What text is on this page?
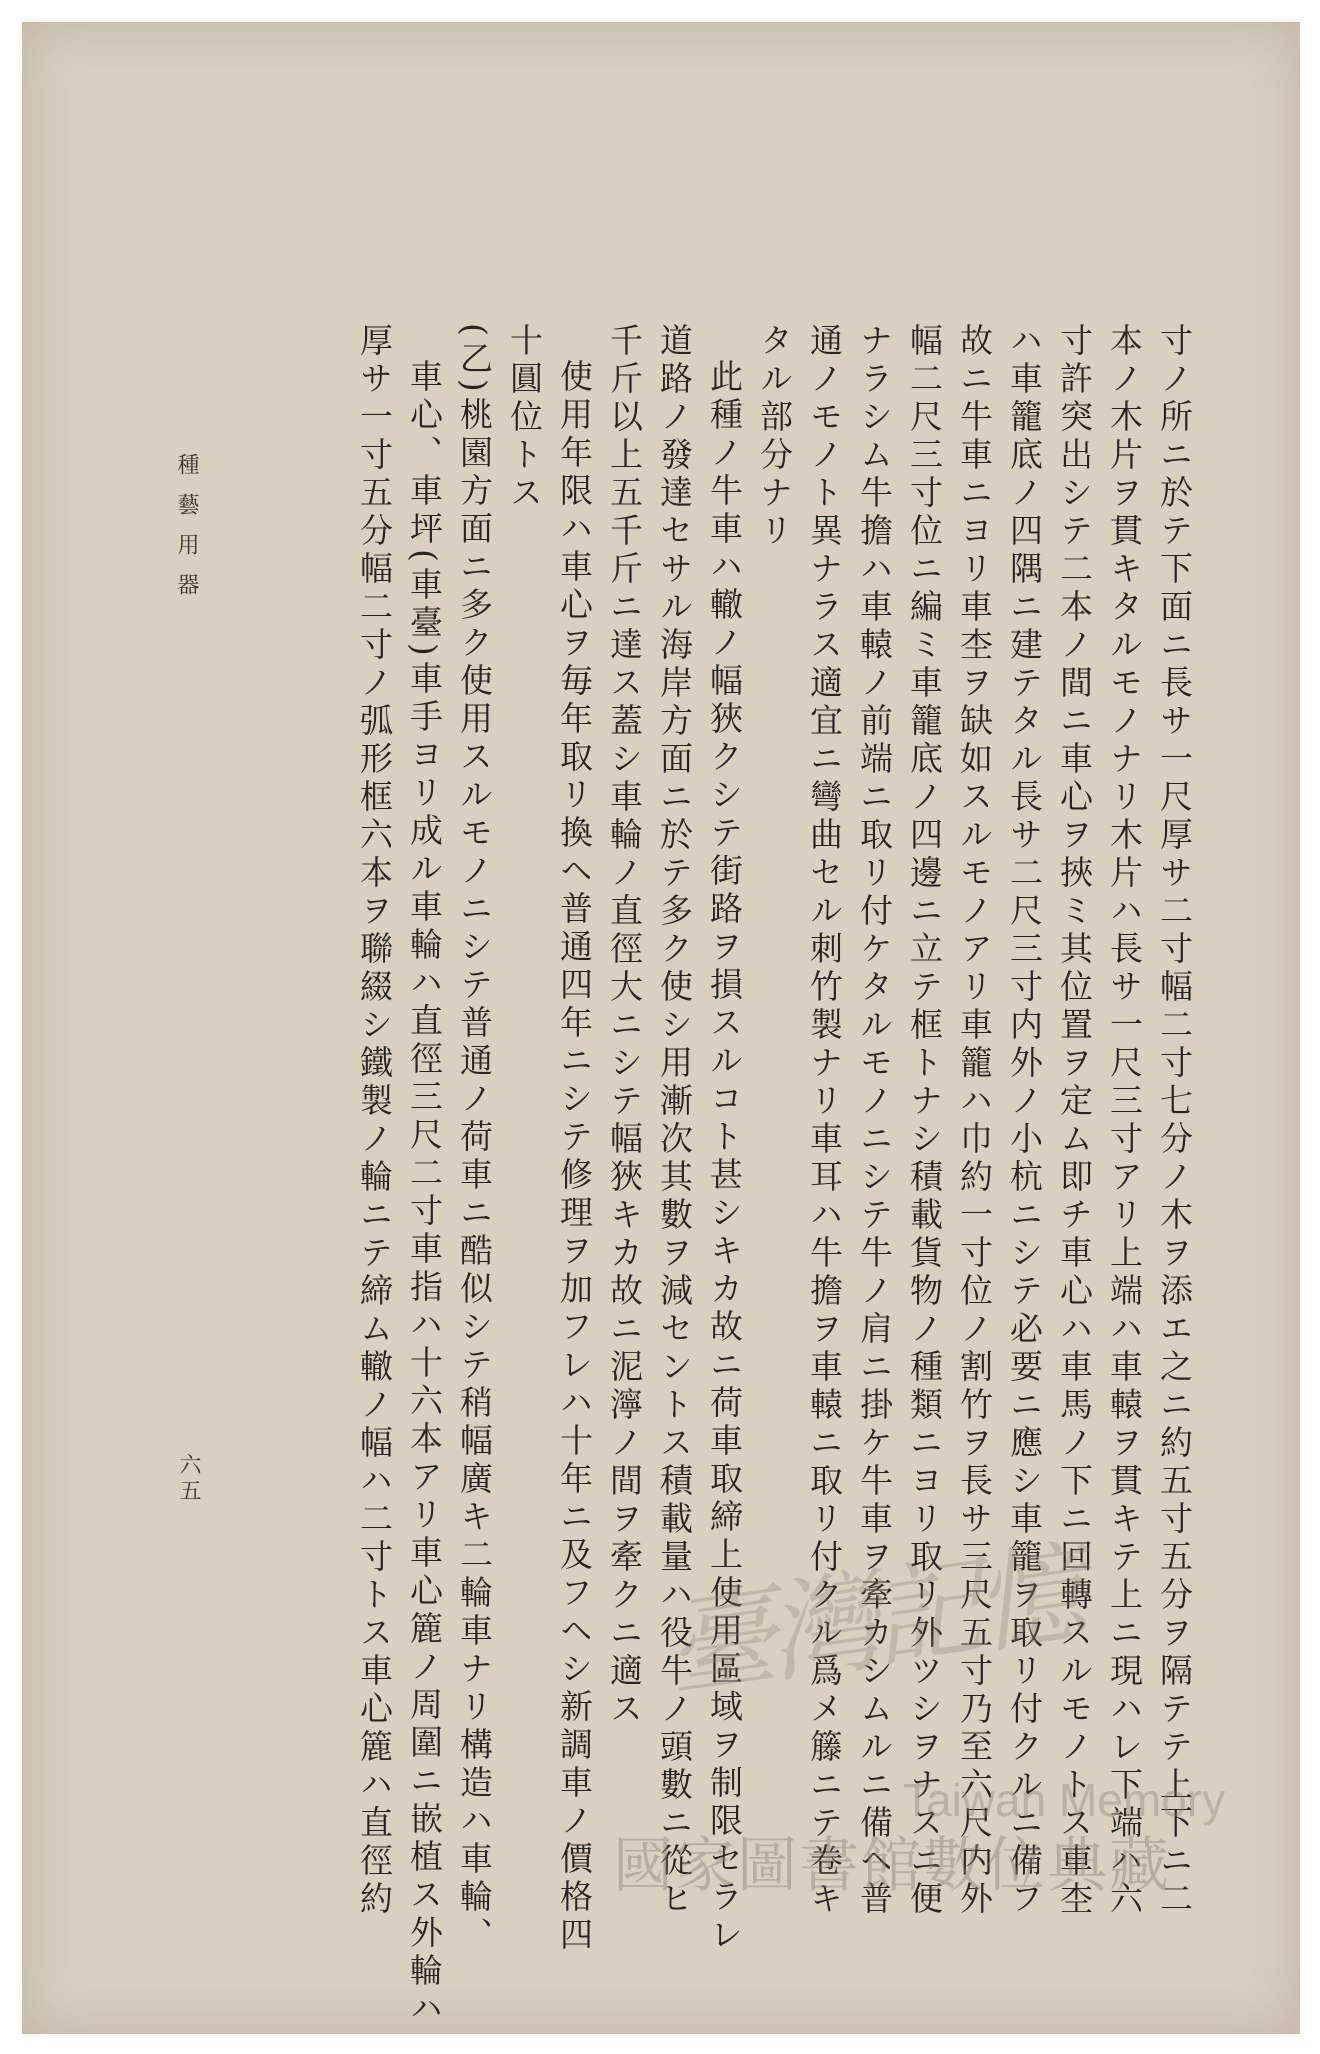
寸ノ所ニ於テ下面ニ長サ一尺厚サ二寸幅二寸七分ノ木ヲ添エ之ニ約五寸五分ヲ隔テテ上下ニ二
本ノ木片ヲ貫キタルモノナリ木片ハ長サ一尺三寸アリ上端ハ車轅ヲ貫キテ上ニ現ハレ下端ハ六
寸許突出シテ二本ノ間ニ車心ヲ挾ミ其位置ヲ定ム即チ車心ハ車馬ノ下ニ回轉スルモノトス車杢
ハ車籠底ノ四隅ニ建テタル長サ二尺三寸内外ノ小杭ニシテ必要ニ應シ車籠ヲ取リ付クルニ備フ
故ニ牛車ニヨリ車杢ヲ缺如スルモノアリ車籠ハ巾約一寸位ノ割竹ヲ長サ三尺五寸乃至六尺内外
幅二尺三寸位ニ編ミ車籠底ノ四邊ニ立テ框トナシ積載貨物ノ種類ニヨリ取リ外ツシヲナスニ便
ナラシム牛擔ハ車轅ノ前端ニ取リ付ケタルモノニシテ牛ノ肩ニ掛ケ牛車ヲ牽カシムルニ備ヘ普
通ノモノト異ナラス適宜ニ彎曲セル刺竹製ナリ車耳ハ牛擔ヲ車轅ニ取リ付クル爲メ籐ニテ卷キ
タル部分ナリ
此種ノ牛車ハ轍ノ幅狹クシテ街路ヲ損スルコト甚シキカ故ニ荷車取締上使用區域ヲ制限セラレ
道路ノ發達セサル海岸方面ニ於テ多ク使シ用漸次其數ヲ減セントス積載量ハ役牛ノ頭數ニ從ヒ
千斤以上五千斤ニ達ス蓋シ車輪ノ直徑大ニシテ幅狹キカ故ニ泥濘ノ間ヲ牽クニ適ス
使用年限ハ車心ヲ毎年取リ換ヘ普通四年ニシテ修理ヲ加フレハ十年ニ及フヘシ新調車ノ價格四
十圓位トス
(乙)桃園方面ニ多ク使用スルモノニシテ普通ノ荷車ニ酷似シテ稍幅廣キ二輪車ナリ構造ハ車輪、
車心、車坪(車臺)車手ヨリ成ル車輪ハ直徑三尺二寸車指ハ十六本アリ車心簏ノ周圍ニ嵌植ス外輪ハ
厚サ一寸五分幅二寸ノ弧形框六本ヲ聯綴シ鐵製ノ輪ニテ締ム轍ノ幅ハ二寸トス車心簏ハ直徑約
種藝用器
六五
臺灣記憶
Taiwan Memory
國家圖書館數位典藏
